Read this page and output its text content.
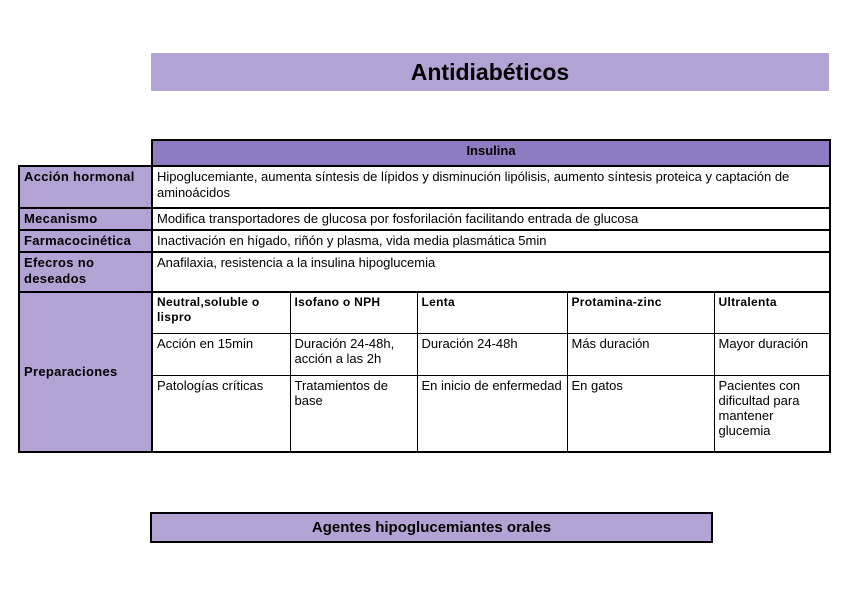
Antidiabéticos
	Insulina
Acción hormonal	Hipoglucemiante, aumenta síntesis de lípidos y disminución lipólisis, aumento síntesis proteica y captación de aminoácidos
Mecanismo	Modifica transportadores de glucosa por fosforilación facilitando entrada de glucosa
Farmacocinética	Inactivación en hígado, riñón y plasma, vida media plasmática 5min
Efecros no deseados	Anafilaxia, resistencia a la insulina hipoglucemia
Preparaciones	
Neutral,soluble o lispro	Isofano o NPH	Lenta	Protamina-zinc	Ultralenta
Acción en 15min	Duración 24-48h, acción a las 2h	Duración 24-48h	Más duración	Mayor duración
Patologías críticas	Tratamientos de base	En inicio de enfermedad	En gatos	Pacientes con dificultad para mantener glucemia
Agentes hipoglucemiantes orales
